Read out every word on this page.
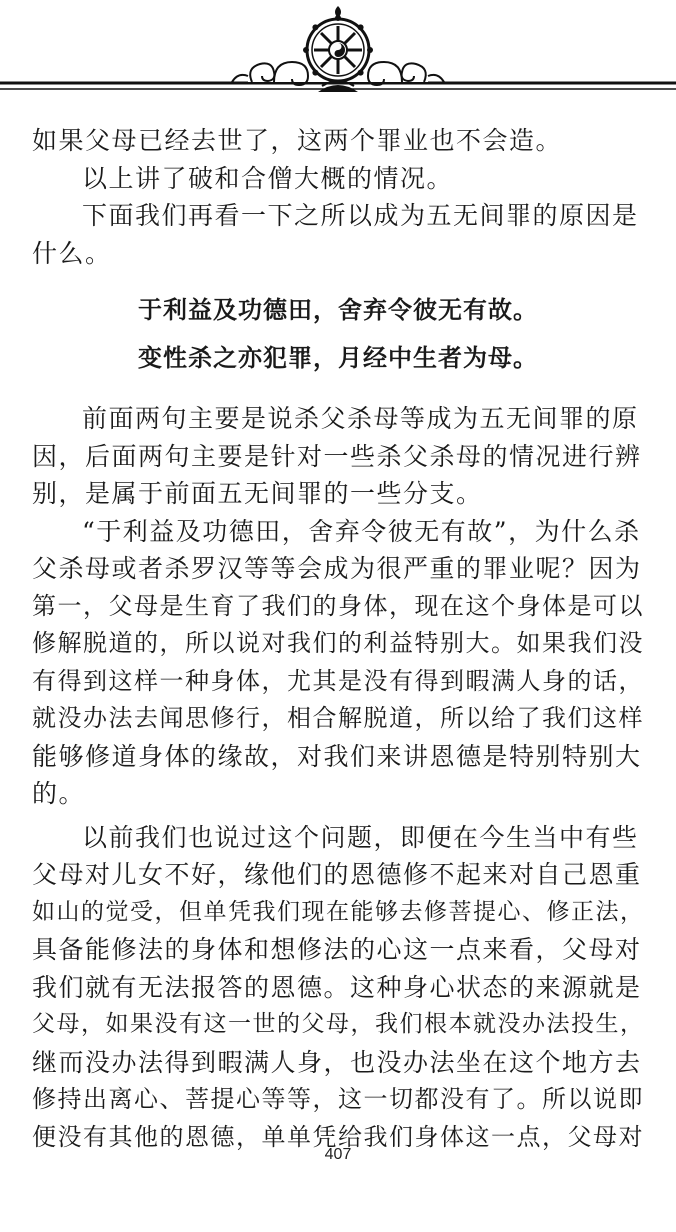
如果父母已经去世了，这两个罪业也不会造。
以上讲了破和合僧大概的情况。
下面我们再看一下之所以成为五无间罪的原因是
什么。
于利益及功德田，舍弃令彼无有故。
变性杀之亦犯罪，月经中生者为母。
前面两句主要是说杀父杀母等成为五无间罪的原
因，后面两句主要是针对一些杀父杀母的情况进行辨
别，是属于前面五无间罪的一些分支。
“于利益及功德田，舍弃令彼无有故”，为什么杀
父杀母或者杀罗汉等等会成为很严重的罪业呢？因为
第一，父母是生育了我们的身体，现在这个身体是可以
修解脱道的，所以说对我们的利益特别大。如果我们没
有得到这样一种身体，尤其是没有得到暇满人身的话，
就没办法去闻思修行，相合解脱道，所以给了我们这样
能够修道身体的缘故，对我们来讲恩德是特别特别大
的。
以前我们也说过这个问题，即便在今生当中有些
父母对儿女不好，缘他们的恩德修不起来对自己恩重
如山的觉受，但单凭我们现在能够去修菩提心、修正法，
具备能修法的身体和想修法的心这一点来看，父母对
我们就有无法报答的恩德。这种身心状态的来源就是
父母，如果没有这一世的父母，我们根本就没办法投生，
继而没办法得到暇满人身，也没办法坐在这个地方去
修持出离心、菩提心等等，这一切都没有了。所以说即
便没有其他的恩德，单单凭给我们身体这一点，父母对
407
